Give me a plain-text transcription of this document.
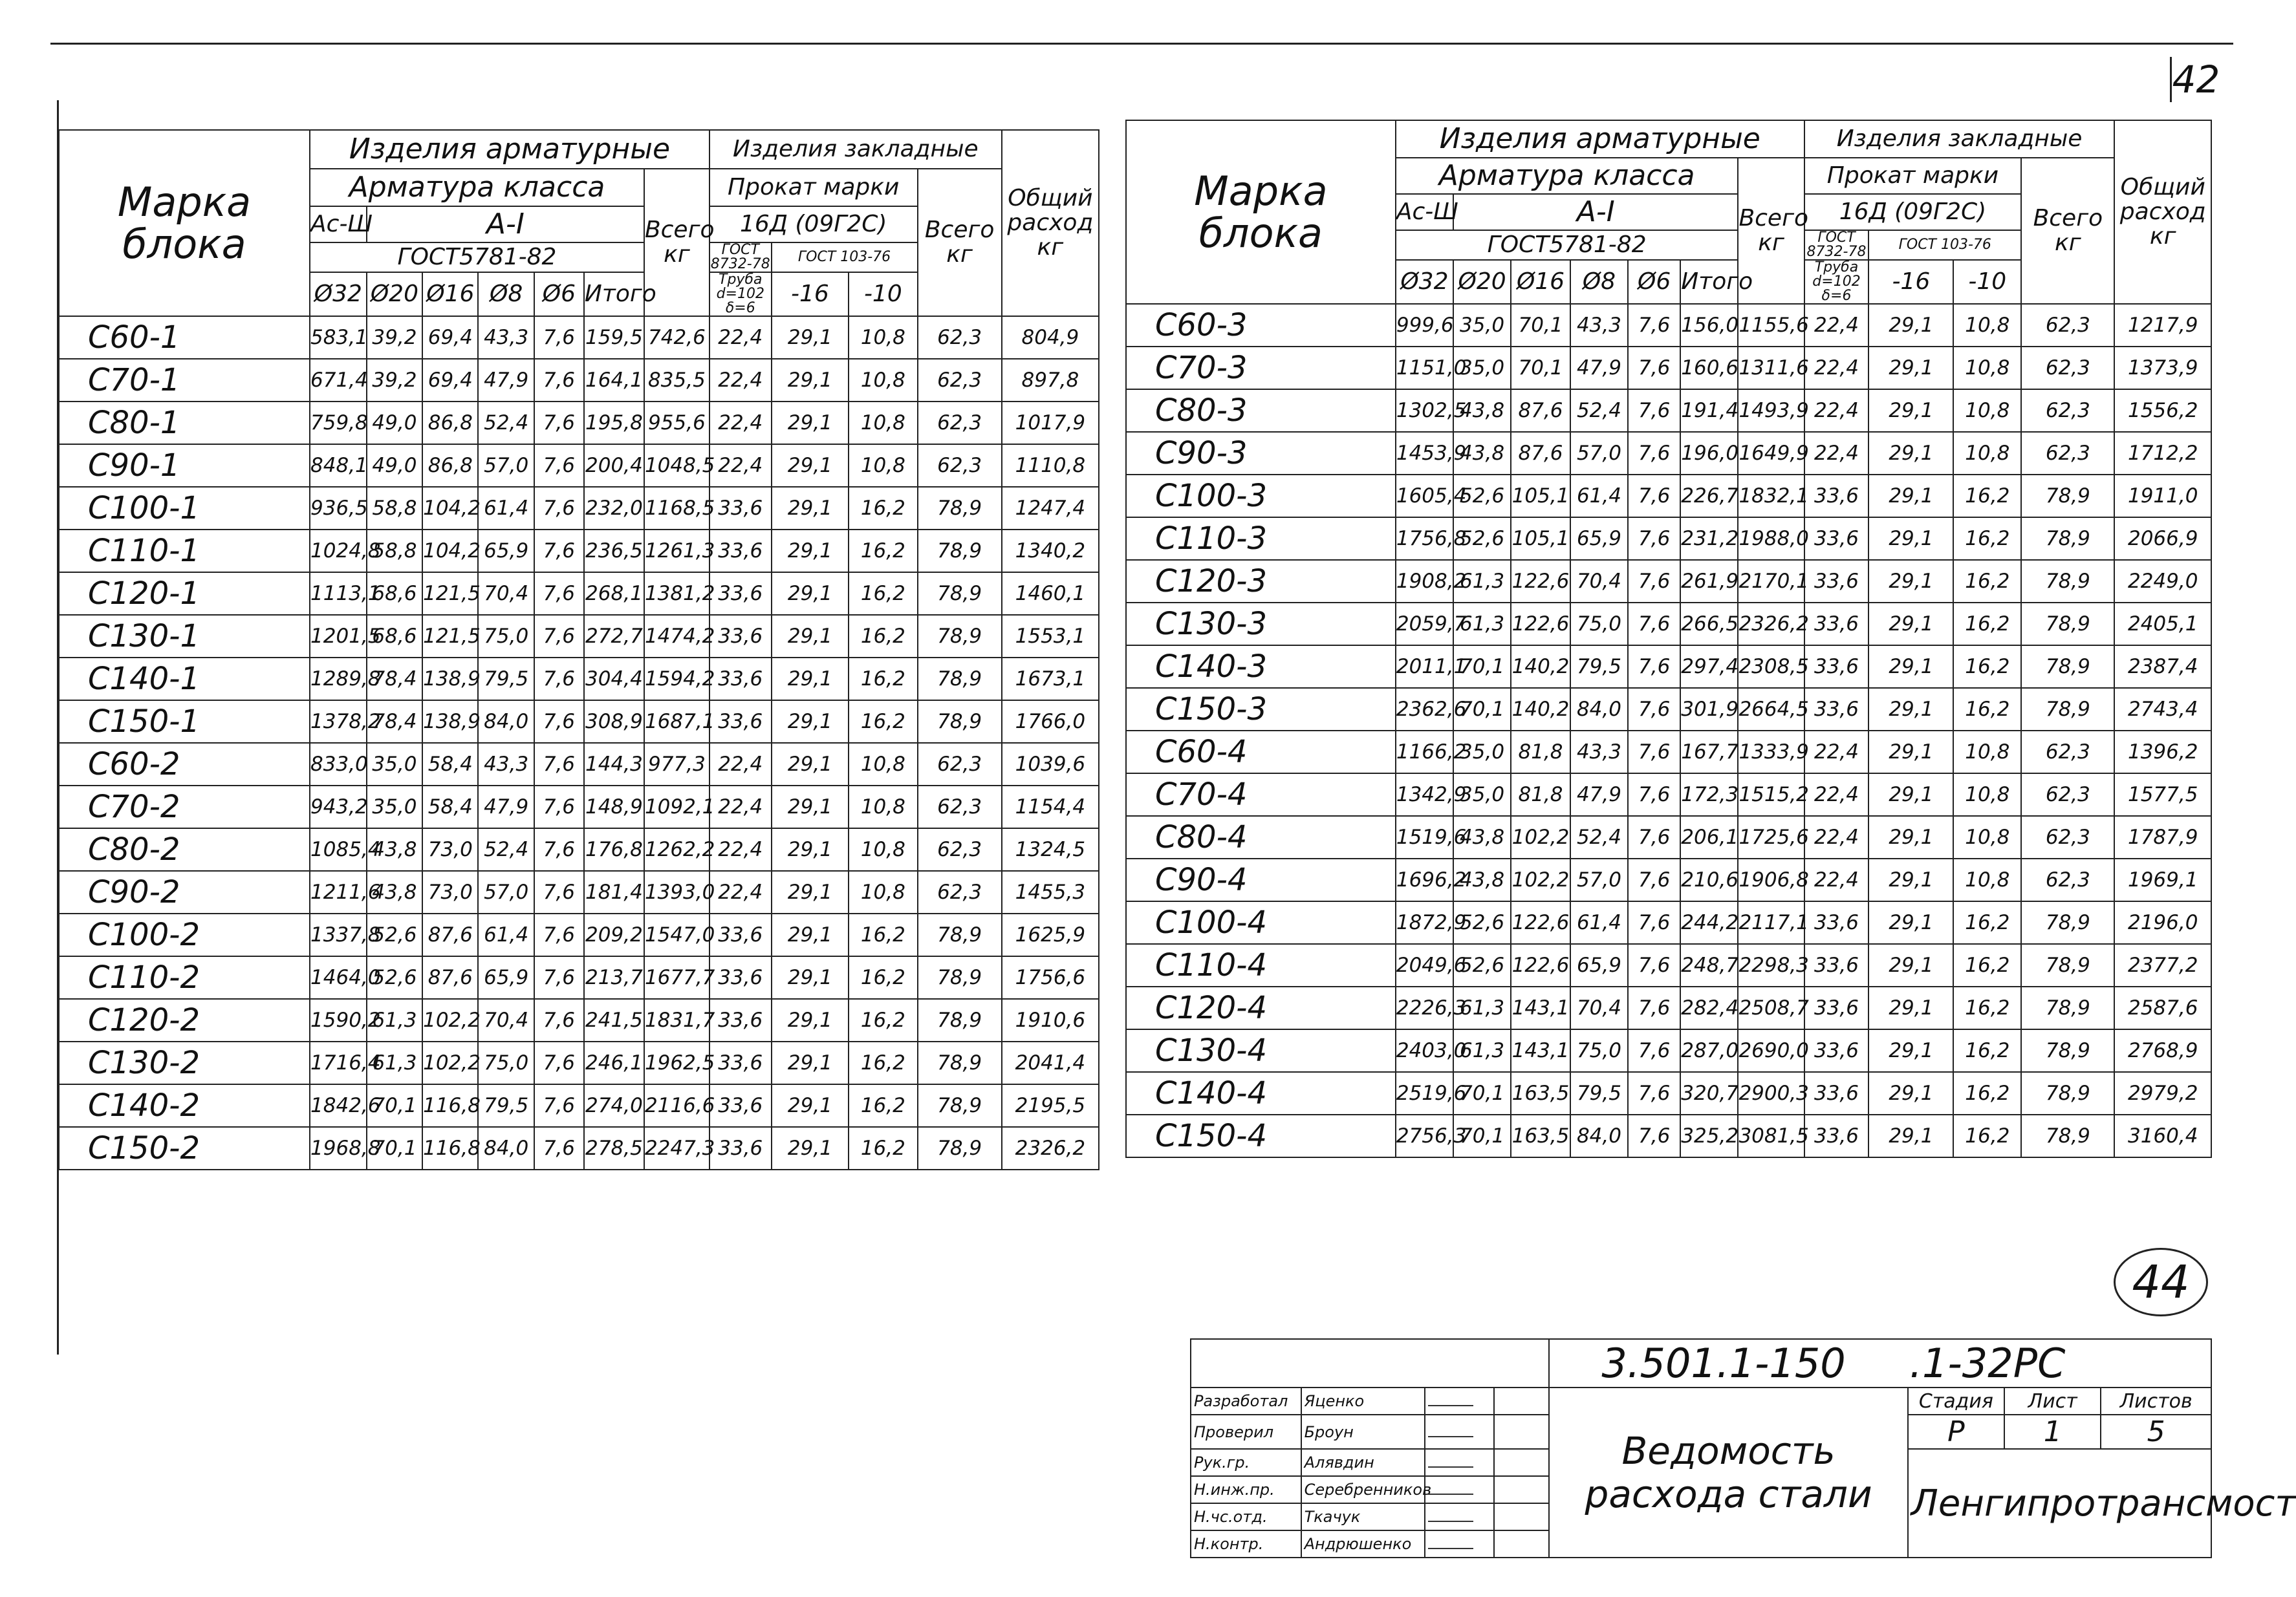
42
Марка блока	Изделия арматурные							Изделия закладные				Общий расход
кг
	Арматура класса						Всего
кг	Прокат марки			Всего
кг	
	Ас-Ш	А-I						16Д (09Г2С)				
	ГОСТ5781-82							ГОСТ 8732-78	ГОСТ 103-76			
	Ø32	Ø20	Ø16	Ø8	Ø6	Итого		Труба d=102 δ=6	-16	-10		
С60-1	583,1	39,2	69,4	43,3	7,6	159,5	742,6	22,4	29,1	10,8	62,3	804,9
С70-1	671,4	39,2	69,4	47,9	7,6	164,1	835,5	22,4	29,1	10,8	62,3	897,8
С80-1	759,8	49,0	86,8	52,4	7,6	195,8	955,6	22,4	29,1	10,8	62,3	1017,9
С90-1	848,1	49,0	86,8	57,0	7,6	200,4	1048,5	22,4	29,1	10,8	62,3	1110,8
С100-1	936,5	58,8	104,2	61,4	7,6	232,0	1168,5	33,6	29,1	16,2	78,9	1247,4
С110-1	1024,8	58,8	104,2	65,9	7,6	236,5	1261,3	33,6	29,1	16,2	78,9	1340,2
С120-1	1113,1	68,6	121,5	70,4	7,6	268,1	1381,2	33,6	29,1	16,2	78,9	1460,1
С130-1	1201,5	68,6	121,5	75,0	7,6	272,7	1474,2	33,6	29,1	16,2	78,9	1553,1
С140-1	1289,8	78,4	138,9	79,5	7,6	304,4	1594,2	33,6	29,1	16,2	78,9	1673,1
С150-1	1378,2	78,4	138,9	84,0	7,6	308,9	1687,1	33,6	29,1	16,2	78,9	1766,0
С60-2	833,0	35,0	58,4	43,3	7,6	144,3	977,3	22,4	29,1	10,8	62,3	1039,6
С70-2	943,2	35,0	58,4	47,9	7,6	148,9	1092,1	22,4	29,1	10,8	62,3	1154,4
С80-2	1085,4	43,8	73,0	52,4	7,6	176,8	1262,2	22,4	29,1	10,8	62,3	1324,5
С90-2	1211,6	43,8	73,0	57,0	7,6	181,4	1393,0	22,4	29,1	10,8	62,3	1455,3
С100-2	1337,8	52,6	87,6	61,4	7,6	209,2	1547,0	33,6	29,1	16,2	78,9	1625,9
С110-2	1464,0	52,6	87,6	65,9	7,6	213,7	1677,7	33,6	29,1	16,2	78,9	1756,6
С120-2	1590,2	61,3	102,2	70,4	7,6	241,5	1831,7	33,6	29,1	16,2	78,9	1910,6
С130-2	1716,4	61,3	102,2	75,0	7,6	246,1	1962,5	33,6	29,1	16,2	78,9	2041,4
С140-2	1842,6	70,1	116,8	79,5	7,6	274,0	2116,6	33,6	29,1	16,2	78,9	2195,5
С150-2	1968,8	70,1	116,8	84,0	7,6	278,5	2247,3	33,6	29,1	16,2	78,9	2326,2
Марка блока	Изделия арматурные							Изделия закладные				Общий расход
кг
	Арматура класса						Всего
кг	Прокат марки			Всего
кг	
	Ас-Ш	А-I						16Д (09Г2С)				
	ГОСТ5781-82							ГОСТ 8732-78	ГОСТ 103-76			
	Ø32	Ø20	Ø16	Ø8	Ø6	Итого		Труба d=102 δ=6	-16	-10		
С60-3	999,6	35,0	70,1	43,3	7,6	156,0	1155,6	22,4	29,1	10,8	62,3	1217,9
С70-3	1151,0	35,0	70,1	47,9	7,6	160,6	1311,6	22,4	29,1	10,8	62,3	1373,9
С80-3	1302,5	43,8	87,6	52,4	7,6	191,4	1493,9	22,4	29,1	10,8	62,3	1556,2
С90-3	1453,9	43,8	87,6	57,0	7,6	196,0	1649,9	22,4	29,1	10,8	62,3	1712,2
С100-3	1605,4	52,6	105,1	61,4	7,6	226,7	1832,1	33,6	29,1	16,2	78,9	1911,0
С110-3	1756,8	52,6	105,1	65,9	7,6	231,2	1988,0	33,6	29,1	16,2	78,9	2066,9
С120-3	1908,2	61,3	122,6	70,4	7,6	261,9	2170,1	33,6	29,1	16,2	78,9	2249,0
С130-3	2059,7	61,3	122,6	75,0	7,6	266,5	2326,2	33,6	29,1	16,2	78,9	2405,1
С140-3	2011,1	70,1	140,2	79,5	7,6	297,4	2308,5	33,6	29,1	16,2	78,9	2387,4
С150-3	2362,6	70,1	140,2	84,0	7,6	301,9	2664,5	33,6	29,1	16,2	78,9	2743,4
С60-4	1166,2	35,0	81,8	43,3	7,6	167,7	1333,9	22,4	29,1	10,8	62,3	1396,2
С70-4	1342,9	35,0	81,8	47,9	7,6	172,3	1515,2	22,4	29,1	10,8	62,3	1577,5
С80-4	1519,6	43,8	102,2	52,4	7,6	206,1	1725,6	22,4	29,1	10,8	62,3	1787,9
С90-4	1696,2	43,8	102,2	57,0	7,6	210,6	1906,8	22,4	29,1	10,8	62,3	1969,1
С100-4	1872,9	52,6	122,6	61,4	7,6	244,2	2117,1	33,6	29,1	16,2	78,9	2196,0
С110-4	2049,6	52,6	122,6	65,9	7,6	248,7	2298,3	33,6	29,1	16,2	78,9	2377,2
С120-4	2226,3	61,3	143,1	70,4	7,6	282,4	2508,7	33,6	29,1	16,2	78,9	2587,6
С130-4	2403,0	61,3	143,1	75,0	7,6	287,0	2690,0	33,6	29,1	16,2	78,9	2768,9
С140-4	2519,6	70,1	163,5	79,5	7,6	320,7	2900,3	33,6	29,1	16,2	78,9	2979,2
С150-4	2756,3	70,1	163,5	84,0	7,6	325,2	3081,5	33,6	29,1	16,2	78,9	3160,4
44
				3.501.1-150 .1-32РС			
Разработал	Яценко			Ведомость расхода стали	Стадия	Лист	Листов
Проверил	Броун				Р	1	5
Рук.гр.	Алявдин				Ленгипротрансмост		
Н.инж.пр.	Серебренников						
Н.чс.отд.	Ткачук						
Н.контр.	Андрюшенко						
